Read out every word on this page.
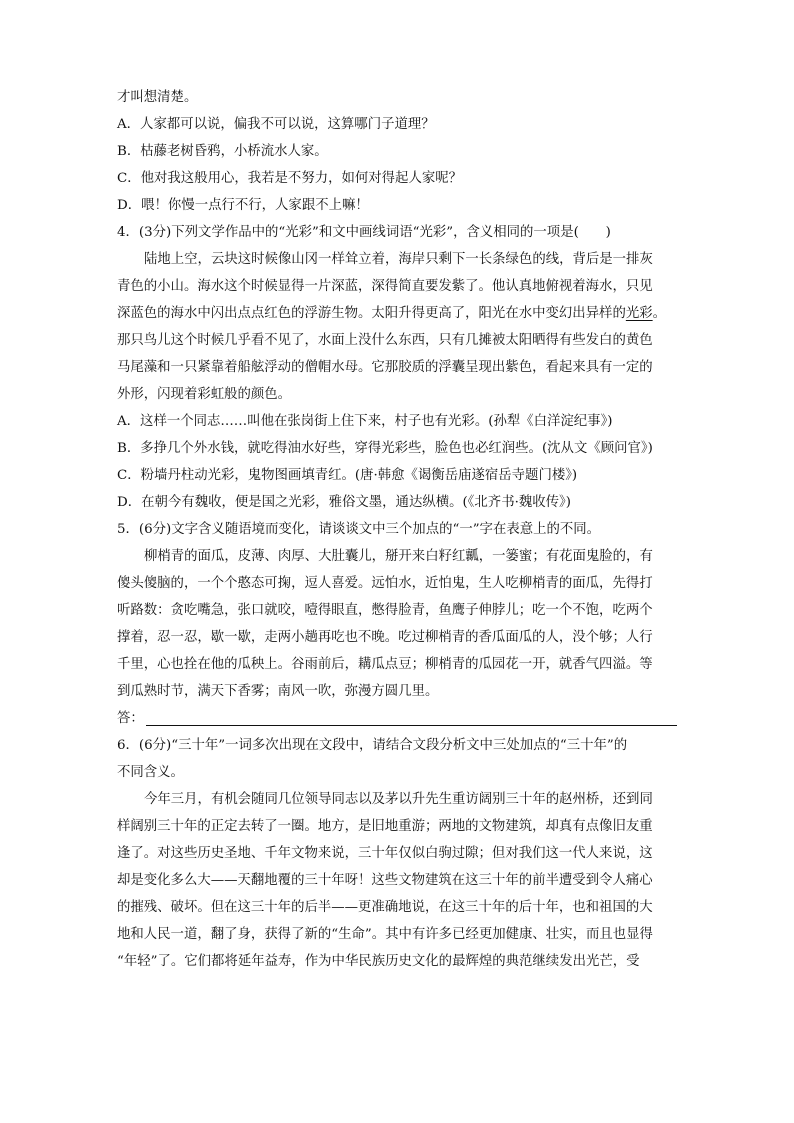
才叫想清楚。
A．人家都可以说，偏我不可以说，这算哪门子道理？
B．枯藤老树昏鸦，小桥流水人家。
C．他对我这般用心，我若是不努力，如何对得起人家呢？
D．喂！你慢一点行不行，人家跟不上嘛！
4．(3分)下列文学作品中的“光彩”和文中画线词语“光彩”，含义相同的一项是(　　)
陆地上空，云块这时候像山冈一样耸立着，海岸只剩下一长条绿色的线，背后是一排灰
青色的小山。海水这个时候显得一片深蓝，深得简直要发紫了。他认真地俯视着海水，只见
深蓝色的海水中闪出点点红色的浮游生物。太阳升得更高了，阳光在水中变幻出异样的光彩。
那只鸟儿这个时候几乎看不见了，水面上没什么东西，只有几摊被太阳晒得有些发白的黄色
马尾藻和一只紧靠着船舷浮动的僧帽水母。它那胶质的浮囊呈现出紫色，看起来具有一定的
外形，闪现着彩虹般的颜色。
A．这样一个同志……叫他在张岗街上住下来，村子也有光彩。(孙犁《白洋淀纪事》)
B．多挣几个外水钱，就吃得油水好些，穿得光彩些，脸色也必红润些。(沈从文《顾问官》)
C．粉墙丹柱动光彩，鬼物图画填青红。(唐·韩愈《谒衡岳庙遂宿岳寺题门楼》)
D．在朝今有魏收，便是国之光彩，雅俗文墨，通达纵横。(《北齐书·魏收传》)
5．(6分)文字含义随语境而变化，请谈谈文中三个加点的“一”字在表意上的不同。
柳梢青的面瓜，皮薄、肉厚、大肚囊儿，掰开来白籽红瓤，一篓蜜；有花面鬼脸的，有
傻头傻脑的，一个个憨态可掬，逗人喜爱。远怕水，近怕鬼，生人吃柳梢青的面瓜，先得打
听路数：贪吃嘴急，张口就咬，噎得眼直，憋得脸青，鱼鹰子伸脖儿；吃一个不饱，吃两个
撑着，忍一忍，歇一歇，走两小趟再吃也不晚。吃过柳梢青的香瓜面瓜的人，没个够；人行
千里，心也拴在他的瓜秧上。谷雨前后，耩瓜点豆；柳梢青的瓜园花一开，就香气四溢。等
到瓜熟时节，满天下香雾；南风一吹，弥漫方圆几里。
答：
6．(6分)“三十年”一词多次出现在文段中，请结合文段分析文中三处加点的“三十年”的
不同含义。
今年三月，有机会随同几位领导同志以及茅以升先生重访阔别三十年的赵州桥，还到同
样阔别三十年的正定去转了一圈。地方，是旧地重游；两地的文物建筑，却真有点像旧友重
逢了。对这些历史圣地、千年文物来说，三十年仅似白驹过隙；但对我们这一代人来说，这
却是变化多么大——天翻地覆的三十年呀！这些文物建筑在这三十年的前半遭受到令人痛心
的摧残、破坏。但在这三十年的后半——更准确地说，在这三十年的后十年，也和祖国的大
地和人民一道，翻了身，获得了新的“生命”。其中有许多已经更加健康、壮实，而且也显得
“年轻”了。它们都将延年益寿，作为中华民族历史文化的最辉煌的典范继续发出光芒，受
